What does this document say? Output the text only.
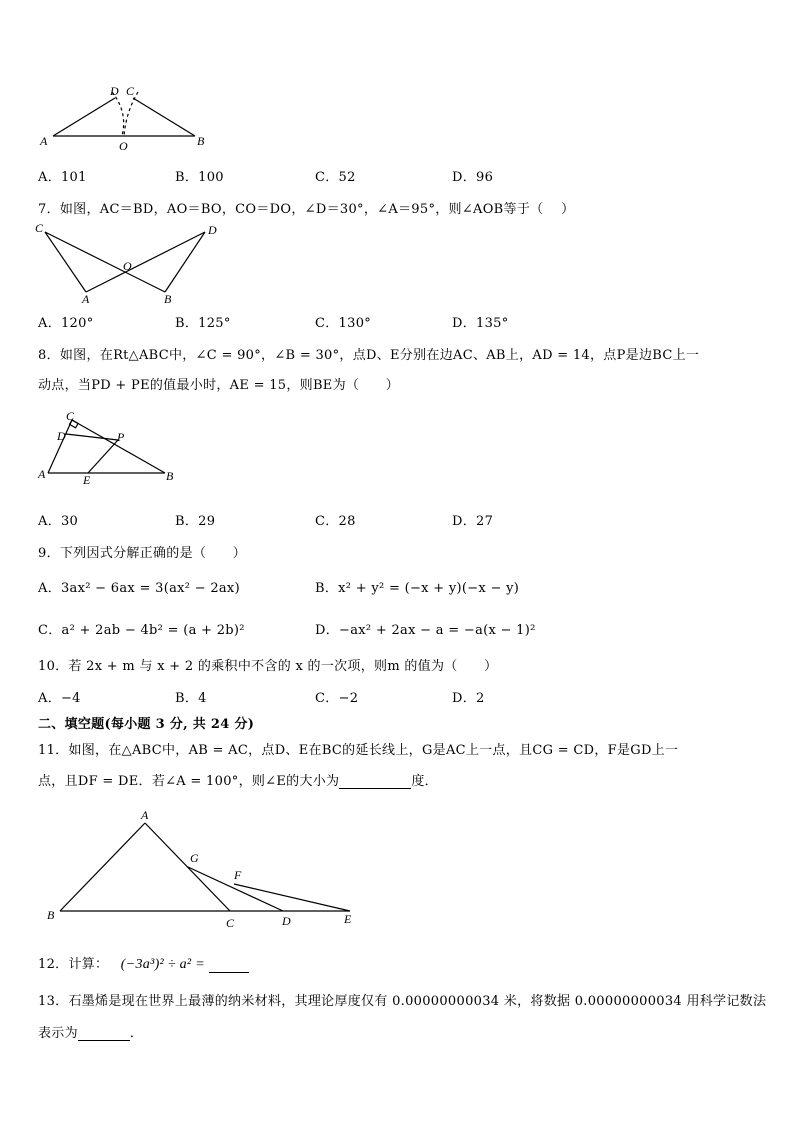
D C
A	B
O
A．101	B．100	C．52	D．96
7．如图，AC＝BD，AO＝BO，CO＝DO，∠D＝30°，∠A＝95°，则∠AOB等于（　 ）
C	D
O
A	B
A．120°	B．125°	C．130°	D．135°
8．如图，在Rt△ABC中，∠C = 90°，∠B = 30°，点D、E分别在边AC、AB上，AD = 14，点P是边BC上一
动点，当PD + PE的值最小时，AE = 15，则BE为（　　）
C
D	P
A	E	B
A．30	B．29	C．28	D．27
9．下列因式分解正确的是（　　）
A．3ax² − 6ax = 3(ax² − 2ax)	B．x² + y² = (−x + y)(−x − y)
C．a² + 2ab − 4b² = (a + 2b)²	D．−ax² + 2ax − a = −a(x − 1)²
10．若 2x + m 与 x + 2 的乘积中不含的 x 的一次项，则m 的值为（　　）
A．−4	B．4	C．−2	D．2
二、填空题(每小题 3 分, 共 24 分)
11．如图，在△ABC中，AB = AC，点D、E在BC的延长线上，G是AC上一点，且CG = CD，F是GD上一
点，且DF = DE．若∠A = 100°，则∠E的大小为	度．
A
G
F
B
C	D	E
12．计算： (−3a³)² ÷ a² =
13．石墨烯是现在世界上最薄的纳米材料，其理论厚度仅有 0.00000000034 米，将数据 0.00000000034 用科学记数法
表示为	．
